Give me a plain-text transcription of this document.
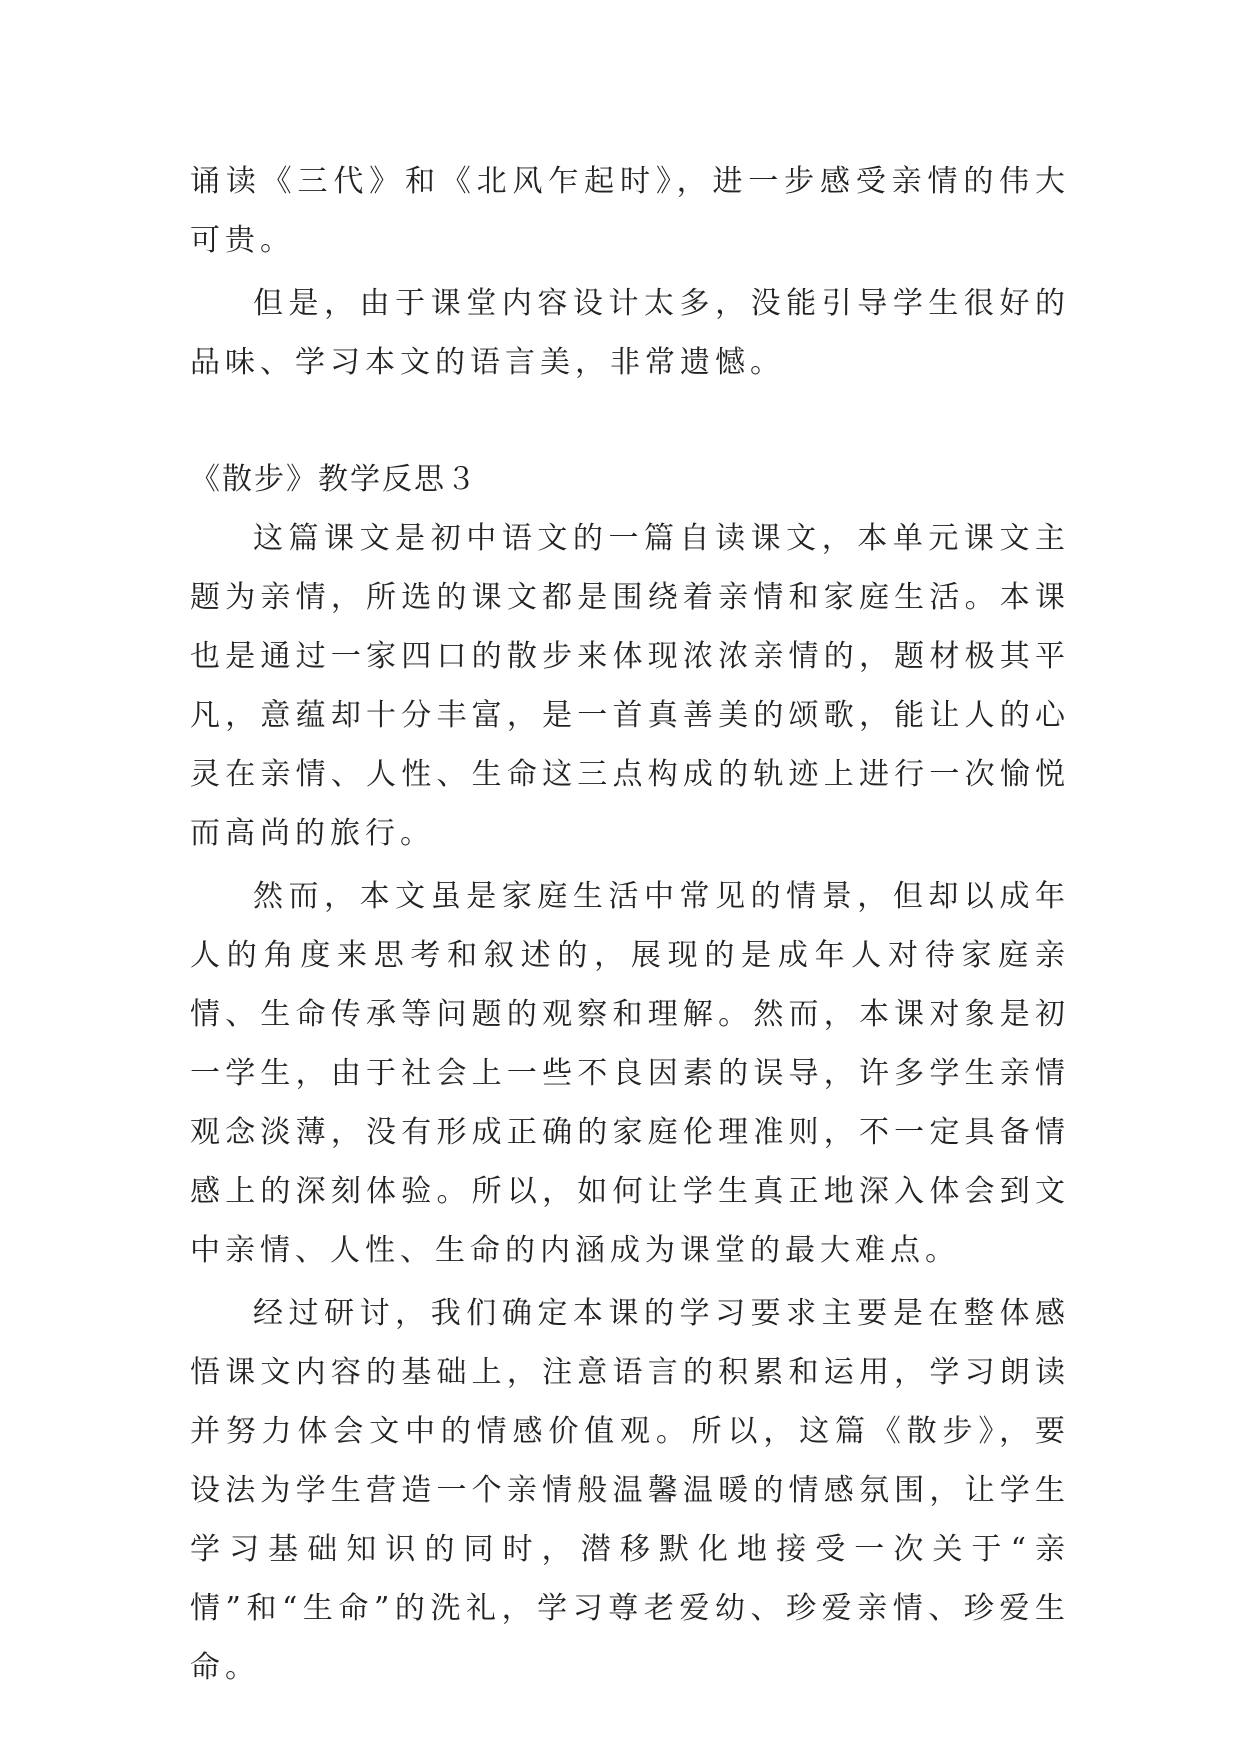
诵读《三代》和《北风乍起时》，进一步感受亲情的伟大可贵。

但是，由于课堂内容设计太多，没能引导学生很好的品味、学习本文的语言美，非常遗憾。

《散步》教学反思３

这篇课文是初中语文的一篇自读课文，本单元课文主题为亲情，所选的课文都是围绕着亲情和家庭生活。本课也是通过一家四口的散步来体现浓浓亲情的，题材极其平凡，意蕴却十分丰富，是一首真善美的颂歌，能让人的心灵在亲情、人性、生命这三点构成的轨迹上进行一次愉悦而高尚的旅行。

然而，本文虽是家庭生活中常见的情景，但却以成年人的角度来思考和叙述的，展现的是成年人对待家庭亲情、生命传承等问题的观察和理解。然而，本课对象是初一学生，由于社会上一些不良因素的误导，许多学生亲情观念淡薄，没有形成正确的家庭伦理准则，不一定具备情感上的深刻体验。所以，如何让学生真正地深入体会到文中亲情、人性、生命的内涵成为课堂的最大难点。

经过研讨，我们确定本课的学习要求主要是在整体感悟课文内容的基础上，注意语言的积累和运用，学习朗读并努力体会文中的情感价值观。所以，这篇《散步》，要设法为学生营造一个亲情般温馨温暖的情感氛围，让学生学习基础知识的同时，潜移默化地接受一次关于“亲情”和“生命”的洗礼，学习尊老爱幼、珍爱亲情、珍爱生命。
